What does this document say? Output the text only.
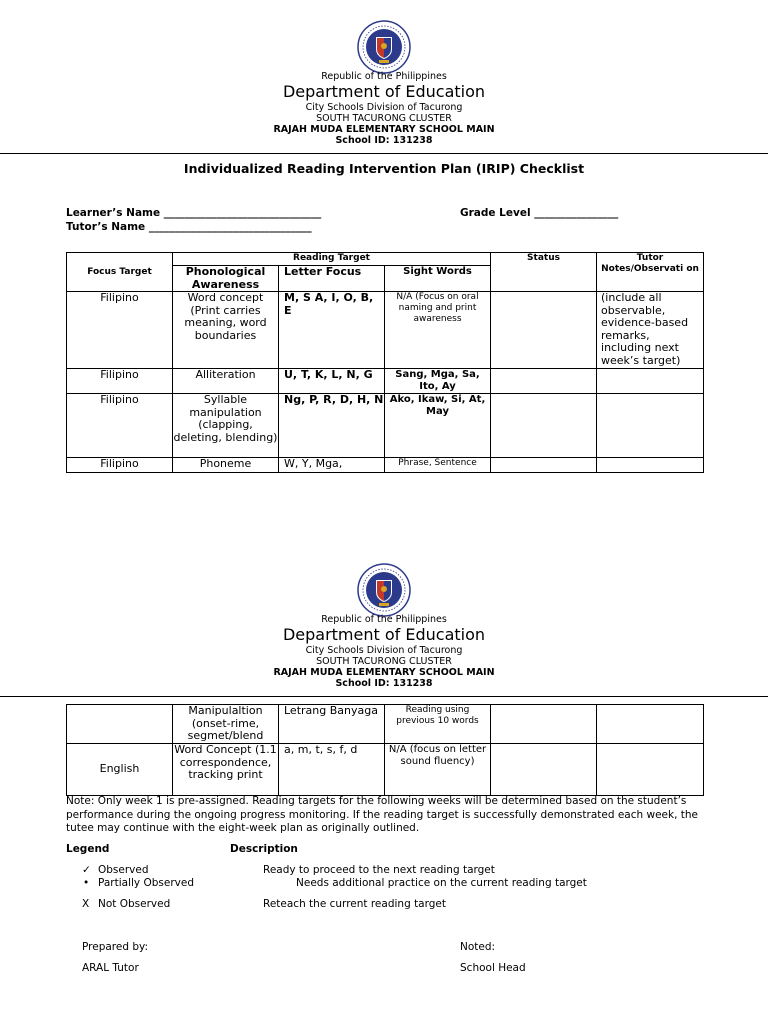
Republic of the Philippines
Department of Education
City Schools Division of Tacurong
SOUTH TACURONG CLUSTER
RAJAH MUDA ELEMENTARY SCHOOL MAIN
School ID: 131238
Individualized Reading Intervention Plan (IRIP) Checklist
Learner’s Name ______________________________	Grade Level ________________
Tutor’s Name _______________________________
Focus Target	Reading Target			Status	Tutor Notes/Observati on
	Phonological Awareness	Letter Focus	Sight Words		
Filipino	Word concept (Print carries meaning, word boundaries	M, S A, I, O, B, E	N/A (Focus on oral naming and print awareness		(include all observable, evidence-based remarks, including next week’s target)
Filipino	Alliteration	U, T, K, L, N, G	Sang, Mga, Sa, Ito, Ay		
Filipino	Syllable manipulation (clapping, deleting, blending)	Ng, P, R, D, H, N	Ako, Ikaw, Si, At, May		
Filipino	Phoneme	W, Y, Mga,	Phrase, Sentence		
Republic of the Philippines
Department of Education
City Schools Division of Tacurong
SOUTH TACURONG CLUSTER
RAJAH MUDA ELEMENTARY SCHOOL MAIN
School ID: 131238
	Manipulaltion (onset-rime, segmet/blend	Letrang Banyaga	Reading using previous 10 words		
English	Word Concept (1.1 correspondence, tracking print	a, m, t, s, f, d	N/A (focus on letter sound fluency)		
Note: Only week 1 is pre-assigned. Reading targets for the following weeks will be determined based on the student’s performance during the ongoing progress monitoring. If the reading target is successfully demonstrated each week, the tutee may continue with the eight-week plan as originally outlined.
Legend	Description
✓ Observed	Ready to proceed to the next reading target
• Partially Observed	Needs additional practice on the current reading target
X Not Observed	Reteach the current reading target
Prepared by:
ARAL Tutor
Noted:
School Head
